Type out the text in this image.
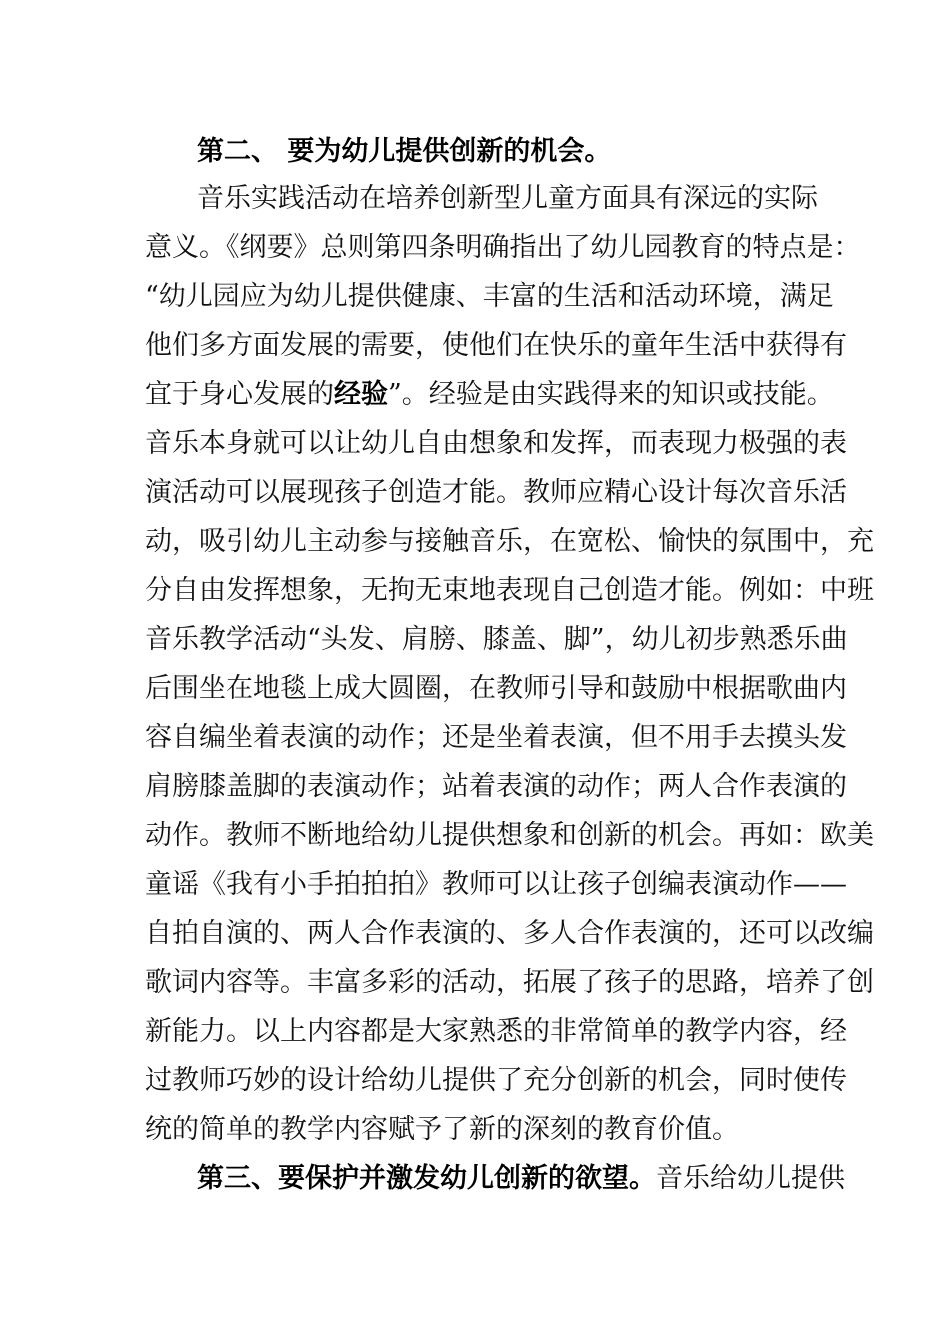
第二、 要为幼儿提供创新的机会。
音乐实践活动在培养创新型儿童方面具有深远的实际
意义。《纲要》总则第四条明确指出了幼儿园教育的特点是：
“幼儿园应为幼儿提供健康、丰富的生活和活动环境，满足
他们多方面发展的需要，使他们在快乐的童年生活中获得有
宜于身心发展的经验”。经验是由实践得来的知识或技能。
音乐本身就可以让幼儿自由想象和发挥，而表现力极强的表
演活动可以展现孩子创造才能。教师应精心设计每次音乐活
动，吸引幼儿主动参与接触音乐，在宽松、愉快的氛围中，充
分自由发挥想象，无拘无束地表现自己创造才能。例如：中班
音乐教学活动“头发、肩膀、膝盖、脚”，幼儿初步熟悉乐曲
后围坐在地毯上成大圆圈，在教师引导和鼓励中根据歌曲内
容自编坐着表演的动作；还是坐着表演，但不用手去摸头发
肩膀膝盖脚的表演动作；站着表演的动作；两人合作表演的
动作。教师不断地给幼儿提供想象和创新的机会。再如：欧美
童谣《我有小手拍拍拍》教师可以让孩子创编表演动作——
自拍自演的、两人合作表演的、多人合作表演的，还可以改编
歌词内容等。丰富多彩的活动，拓展了孩子的思路，培养了创
新能力。以上内容都是大家熟悉的非常简单的教学内容，经
过教师巧妙的设计给幼儿提供了充分创新的机会，同时使传
统的简单的教学内容赋予了新的深刻的教育价值。
第三、要保护并激发幼儿创新的欲望。音乐给幼儿提供
